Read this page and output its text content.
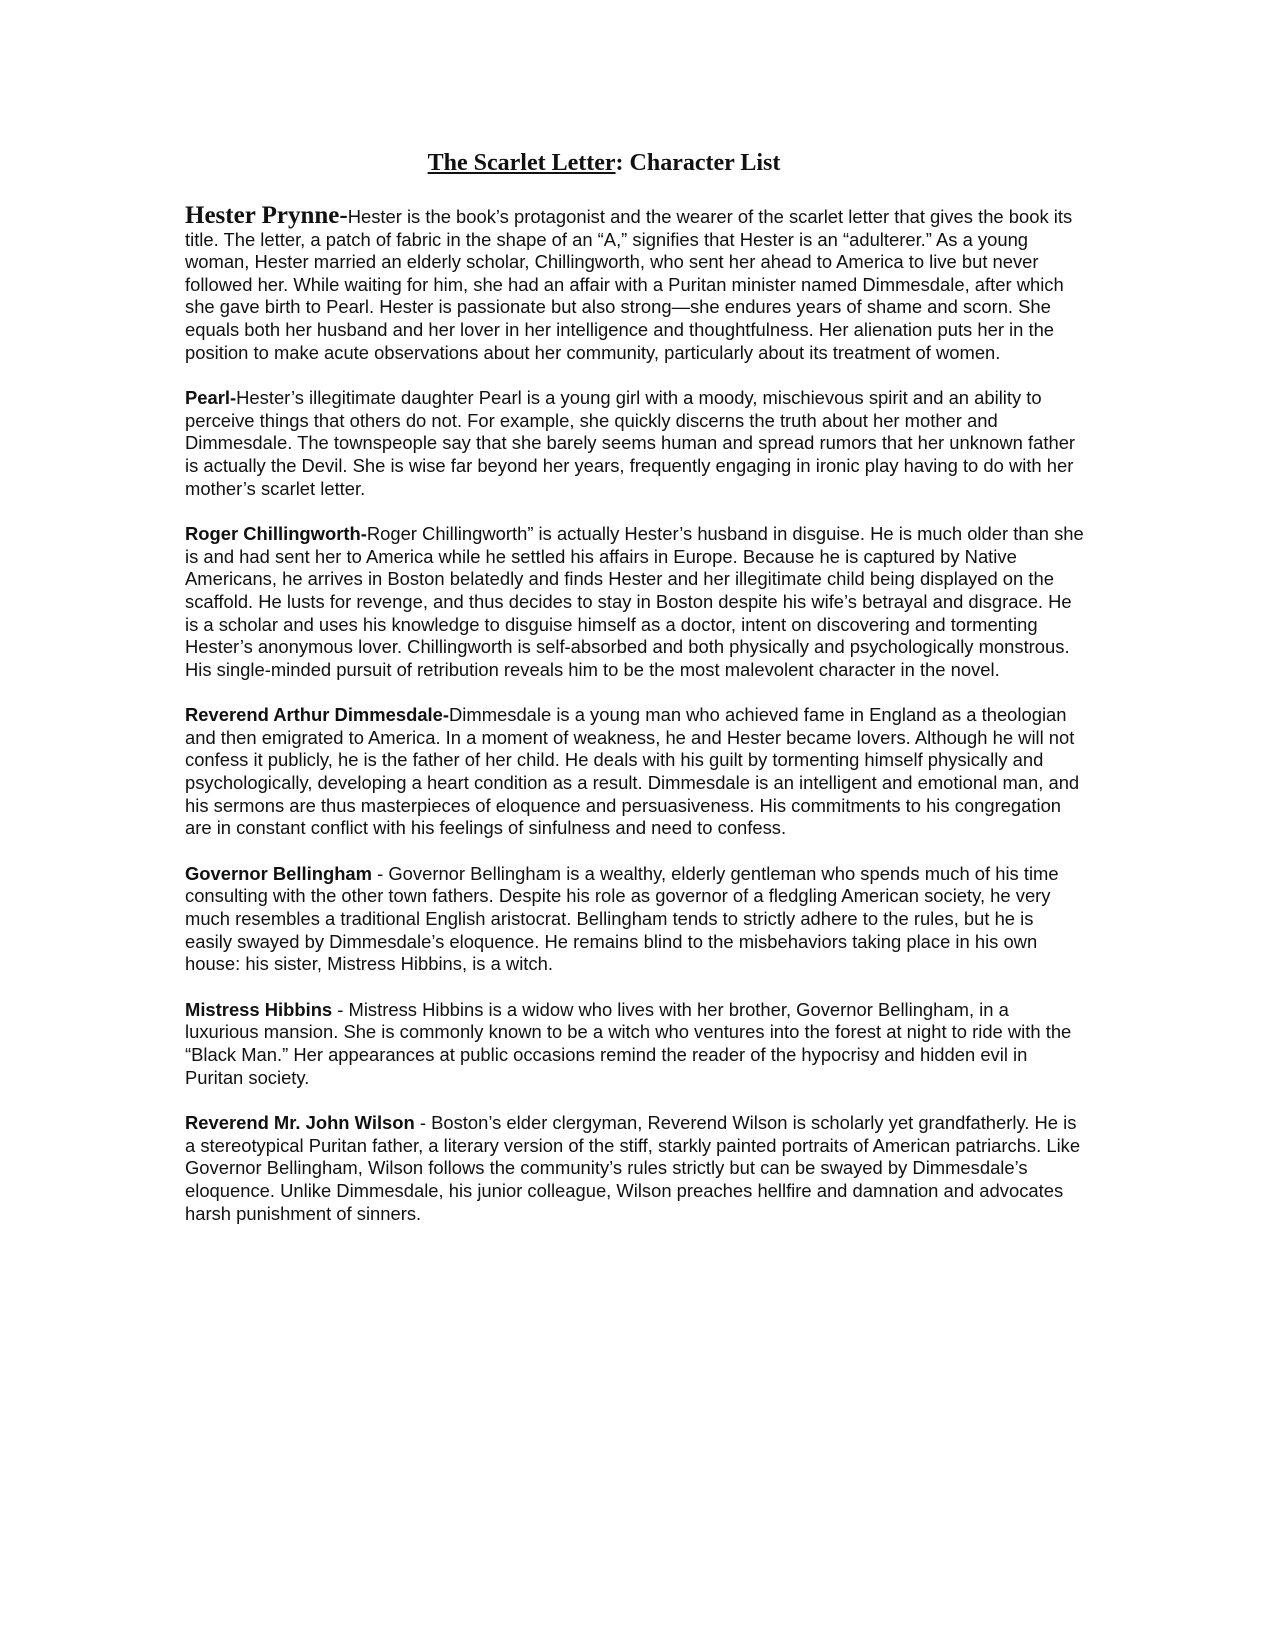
The Scarlet Letter: Character List

Hester Prynne-Hester is the book’s protagonist and the wearer of the scarlet letter that gives the book its title. The letter, a patch of fabric in the shape of an “A,” signifies that Hester is an “adulterer.” As a young woman, Hester married an elderly scholar, Chillingworth, who sent her ahead to America to live but never followed her. While waiting for him, she had an affair with a Puritan minister named Dimmesdale, after which she gave birth to Pearl. Hester is passionate but also strong—she endures years of shame and scorn. She equals both her husband and her lover in her intelligence and thoughtfulness. Her alienation puts her in the position to make acute observations about her community, particularly about its treatment of women.

Pearl-Hester’s illegitimate daughter Pearl is a young girl with a moody, mischievous spirit and an ability to perceive things that others do not. For example, she quickly discerns the truth about her mother and Dimmesdale. The townspeople say that she barely seems human and spread rumors that her unknown father is actually the Devil. She is wise far beyond her years, frequently engaging in ironic play having to do with her mother’s scarlet letter.

Roger Chillingworth-Roger Chillingworth” is actually Hester’s husband in disguise. He is much older than she is and had sent her to America while he settled his affairs in Europe. Because he is captured by Native Americans, he arrives in Boston belatedly and finds Hester and her illegitimate child being displayed on the scaffold. He lusts for revenge, and thus decides to stay in Boston despite his wife’s betrayal and disgrace. He is a scholar and uses his knowledge to disguise himself as a doctor, intent on discovering and tormenting Hester’s anonymous lover. Chillingworth is self-absorbed and both physically and psychologically monstrous. His single-minded pursuit of retribution reveals him to be the most malevolent character in the novel.

Reverend Arthur Dimmesdale-Dimmesdale is a young man who achieved fame in England as a theologian and then emigrated to America. In a moment of weakness, he and Hester became lovers. Although he will not confess it publicly, he is the father of her child. He deals with his guilt by tormenting himself physically and psychologically, developing a heart condition as a result. Dimmesdale is an intelligent and emotional man, and his sermons are thus masterpieces of eloquence and persuasiveness. His commitments to his congregation are in constant conflict with his feelings of sinfulness and need to confess.

Governor Bellingham - Governor Bellingham is a wealthy, elderly gentleman who spends much of his time consulting with the other town fathers. Despite his role as governor of a fledgling American society, he very much resembles a traditional English aristocrat. Bellingham tends to strictly adhere to the rules, but he is easily swayed by Dimmesdale’s eloquence. He remains blind to the misbehaviors taking place in his own house: his sister, Mistress Hibbins, is a witch.

Mistress Hibbins - Mistress Hibbins is a widow who lives with her brother, Governor Bellingham, in a luxurious mansion. She is commonly known to be a witch who ventures into the forest at night to ride with the “Black Man.” Her appearances at public occasions remind the reader of the hypocrisy and hidden evil in Puritan society.

Reverend Mr. John Wilson - Boston’s elder clergyman, Reverend Wilson is scholarly yet grandfatherly. He is a stereotypical Puritan father, a literary version of the stiff, starkly painted portraits of American patriarchs. Like Governor Bellingham, Wilson follows the community’s rules strictly but can be swayed by Dimmesdale’s eloquence. Unlike Dimmesdale, his junior colleague, Wilson preaches hellfire and damnation and advocates harsh punishment of sinners.
